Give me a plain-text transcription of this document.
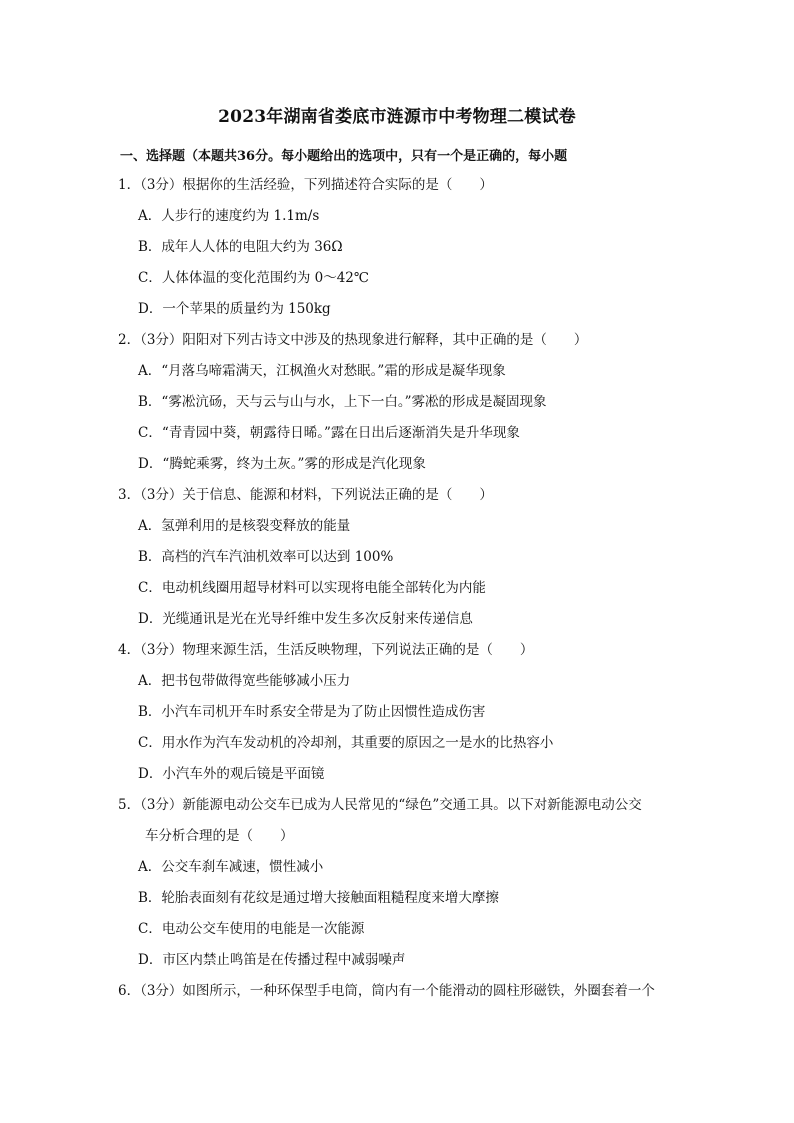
2023年湖南省娄底市涟源市中考物理二模试卷
一、选择题（本题共36分。每小题给出的选项中，只有一个是正确的，每小题
1．（3分）根据你的生活经验，下列描述符合实际的是（　　）
A．人步行的速度约为 1.1m/s
B．成年人人体的电阻大约为 36Ω
C．人体体温的变化范围约为 0～42℃
D．一个苹果的质量约为 150kg
2．（3分）阳阳对下列古诗文中涉及的热现象进行解释，其中正确的是（　　）
A．“月落乌啼霜满天，江枫渔火对愁眠。”霜的形成是凝华现象
B．“雾凇沆砀，天与云与山与水，上下一白。”雾凇的形成是凝固现象
C．“青青园中葵，朝露待日晞。”露在日出后逐渐消失是升华现象
D．“腾蛇乘雾，终为土灰。”雾的形成是汽化现象
3．（3分）关于信息、能源和材料，下列说法正确的是（　　）
A．氢弹利用的是核裂变释放的能量
B．高档的汽车汽油机效率可以达到 100%
C．电动机线圈用超导材料可以实现将电能全部转化为内能
D．光缆通讯是光在光导纤维中发生多次反射来传递信息
4．（3分）物理来源生活，生活反映物理，下列说法正确的是（　　）
A．把书包带做得宽些能够减小压力
B．小汽车司机开车时系安全带是为了防止因惯性造成伤害
C．用水作为汽车发动机的冷却剂，其重要的原因之一是水的比热容小
D．小汽车外的观后镜是平面镜
5．（3分）新能源电动公交车已成为人民常见的“绿色”交通工具。以下对新能源电动公交
车分析合理的是（　　）
A．公交车刹车减速，惯性减小
B．轮胎表面刻有花纹是通过增大接触面粗糙程度来增大摩擦
C．电动公交车使用的电能是一次能源
D．市区内禁止鸣笛是在传播过程中减弱噪声
6．（3分）如图所示，一种环保型手电筒，筒内有一个能滑动的圆柱形磁铁，外圈套着一个
